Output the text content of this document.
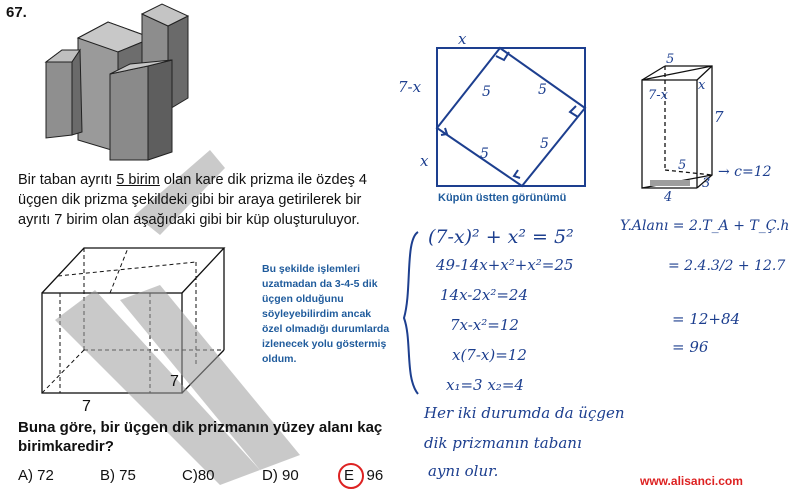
67.
Bir taban ayrıtı 5 birim olan kare dik prizma ile özdeş 4
üçgen dik prizma şekildeki gibi bir araya getirilerek bir
ayrıtı 7 birim olan aşağıdaki gibi bir küp oluşturuluyor.
7
7
Bu şekilde işlemleri
uzatmadan da 3-4-5 dik
üçgen olduğunu
söyleyebilirdim ancak
özel olmadığı durumlarda
izlenecek yolu göstermiş
oldum.
Buna göre, bir üçgen dik prizmanın yüzey alanı kaç
birimkaredir?
A) 72	B) 75	C)80	D) 90	E 96
x
7-x
x
5	5
5
5
Küpün üstten görünümü
5
7-x
x
7
5
3
4
→ c=12
(7-x)² + x² = 5²
49-14x+x²+x²=25
14x-2x²=24
7x-x²=12
x(7-x)=12
x₁=3 x₂=4
Y.Alanı = 2.T_A + T_Ç.h
= 2.4.3/2 + 12.7
= 12+84
= 96
Her iki durumda da üçgen
dik prizmanın tabanı
aynı olur.
www.alisanci.com
